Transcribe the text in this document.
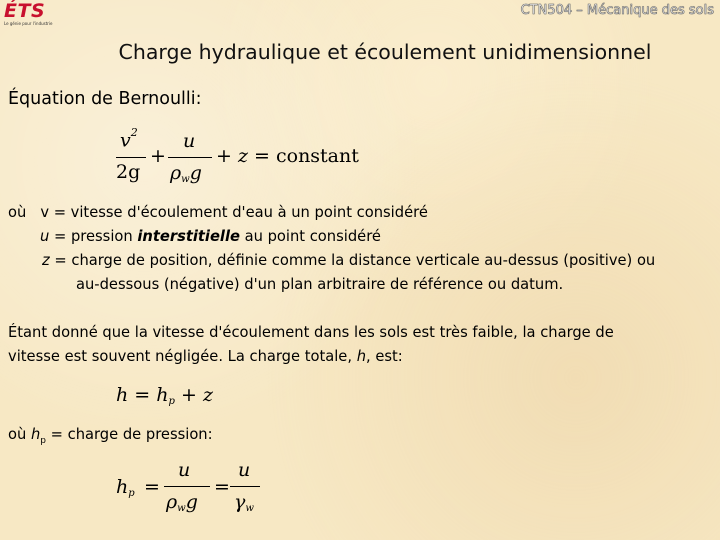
ÉTS
Le génie pour l'industrie
CTN504 – Mécanique des sols
Charge hydraulique et écoulement unidimensionnel
Équation de Bernoulli:
$v^2$
2g
+
u
$\rho_wg$
+ z = constant
où v = vitesse d'écoulement d'eau à un point considéré
u = pression interstitielle au point considéré
z = charge de position, définie comme la distance verticale au-dessus (positive) ou
au-dessous (négative) d'un plan arbitraire de référence ou datum.
Étant donné que la vitesse d'écoulement dans les sols est très faible, la charge de
vitesse est souvent négligée. La charge totale, h, est:
$h = h_p + z$
où $h_p$ = charge de pression:
$h_p$ =
u
$\rho_wg$
=
u
$\gamma_w$
